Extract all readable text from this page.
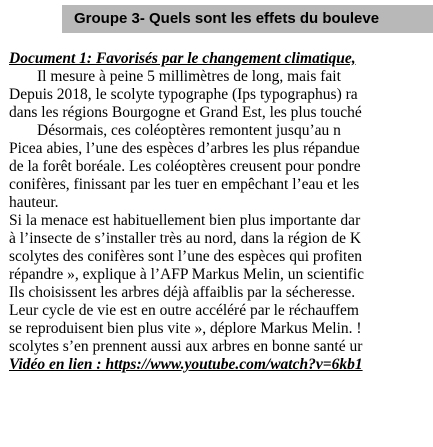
Groupe 3- Quels sont les effets du bouleve
Document 1: Favorisés par le changement climatique,
Il mesure à peine 5 millimètres de long, mais fait
Depuis 2018, le scolyte typographe (Ips typographus) ra
dans les régions Bourgogne et Grand Est, les plus touché
Désormais, ces coléoptères remontent jusqu’au n
Picea abies, l’une des espèces d’arbres les plus répandue
de la forêt boréale. Les coléoptères creusent pour pondre
conifères, finissant par les tuer en empêchant l’eau et les
hauteur.
Si la menace est habituellement bien plus importante dar
à l’insecte de s’installer très au nord, dans la région de K
scolytes des conifères sont l’une des espèces qui profiten
répandre », explique à l’AFP Markus Melin, un scientific
Ils choisissent les arbres déjà affaiblis par la sécheresse.
Leur cycle de vie est en outre accéléré par le réchauffem
se reproduisent bien plus vite », déplore Markus Melin. !
scolytes s’en prennent aussi aux arbres en bonne santé ur
Vidéo en lien : https://www.youtube.com/watch?v=6kb1
